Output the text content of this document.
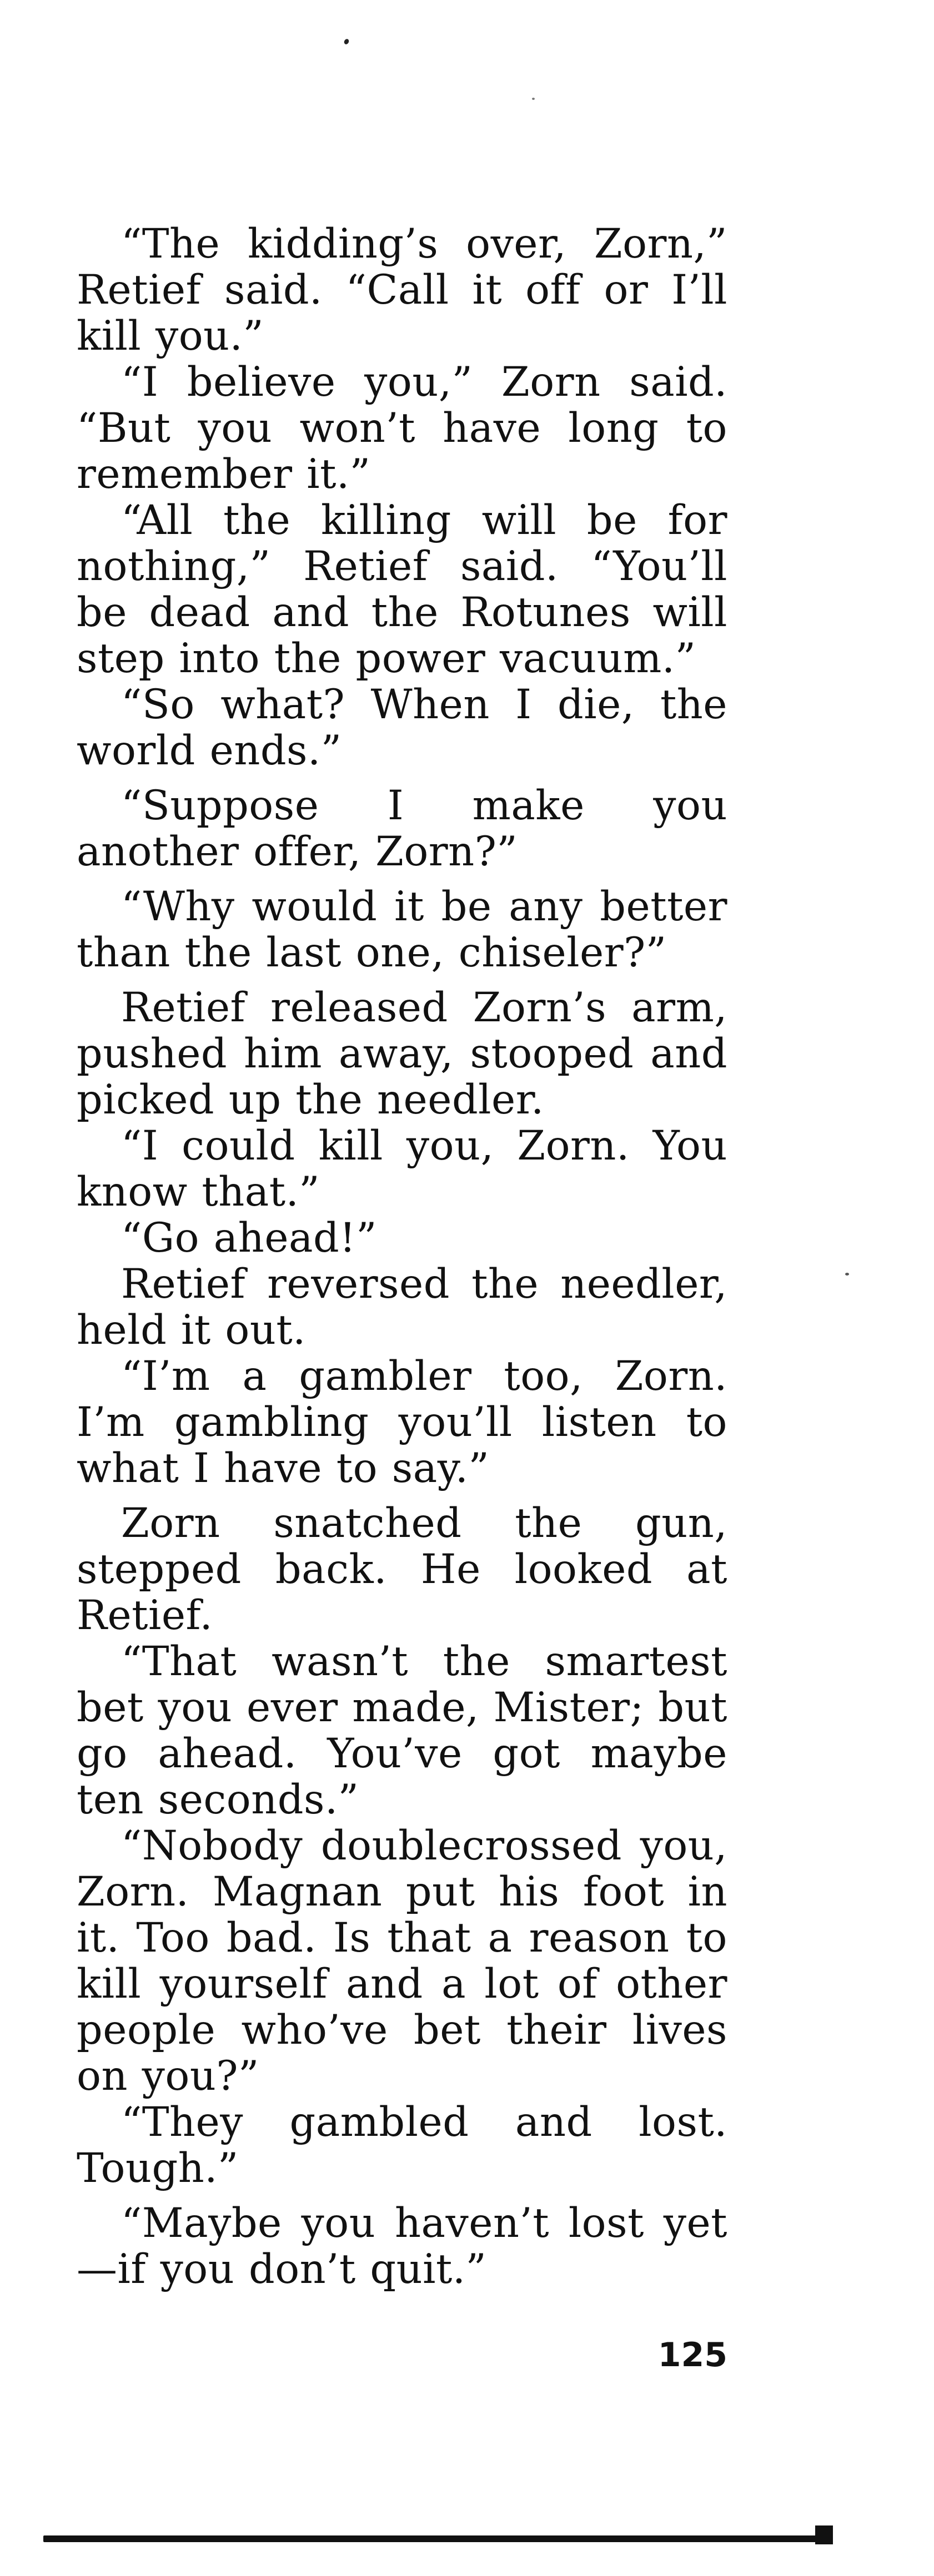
“The kidding’s over, Zorn,” Retief said. “Call it off or I’ll kill you.”

“I believe you,” Zorn said. “But you won’t have long to remember it.”

“All the killing will be for nothing,” Retief said. “You’ll be dead and the Rotunes will step into the power vacuum.”

“So what? When I die, the world ends.”

“Suppose I make you another offer, Zorn?”

“Why would it be any better than the last one, chiseler?”

Retief released Zorn’s arm, pushed him away, stooped and picked up the needler.

“I could kill you, Zorn. You know that.”

“Go ahead!”

Retief reversed the needler, held it out.

“I’m a gambler too, Zorn. I’m gambling you’ll listen to what I have to say.”

Zorn snatched the gun, stepped back. He looked at Retief.

“That wasn’t the smartest bet you ever made, Mister; but go ahead. You’ve got maybe ten seconds.”

“Nobody doublecrossed you, Zorn. Magnan put his foot in it. Too bad. Is that a reason to kill yourself and a lot of other people who’ve bet their lives on you?”

“They gambled and lost. Tough.”

“Maybe you haven’t lost yet —if you don’t quit.”

125
